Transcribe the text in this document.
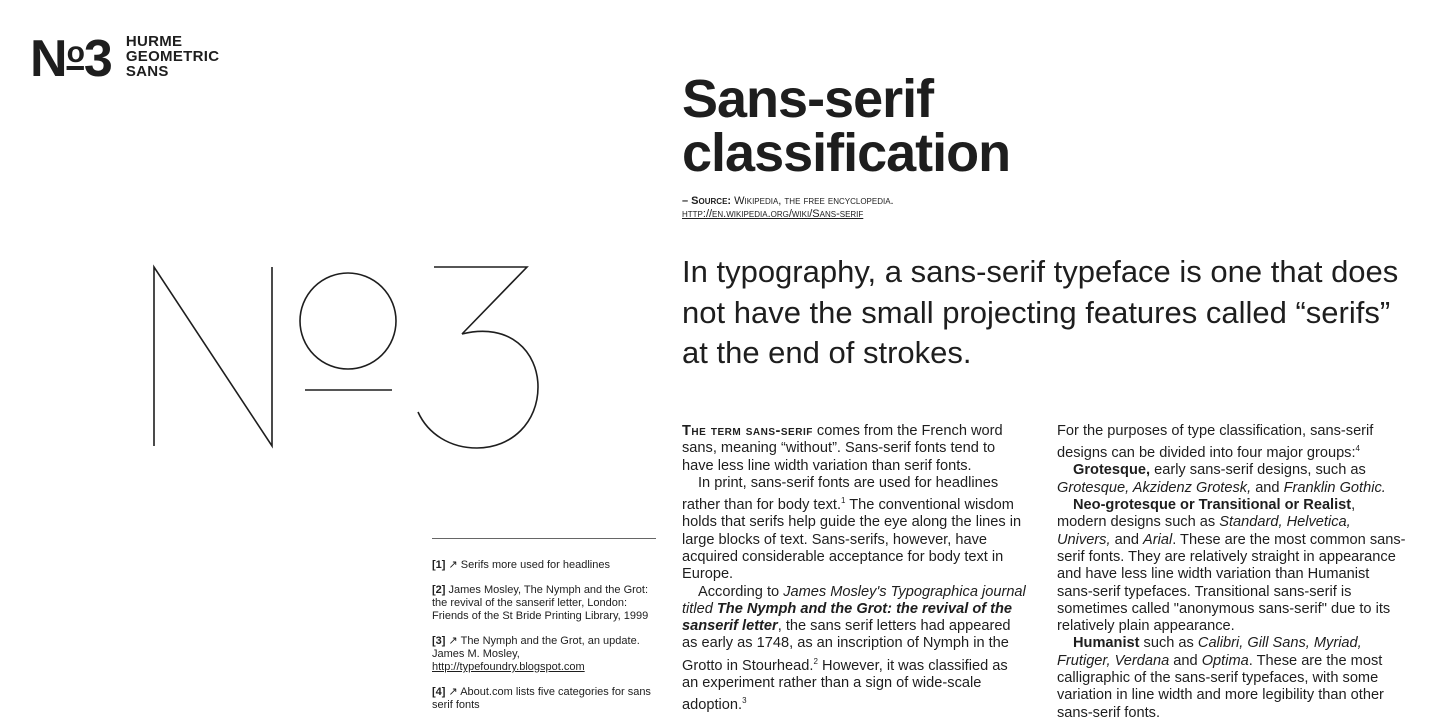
$N^o3$ HURME
GEOMETRIC
SANS	Sans-serif
classification
– Source: Wikipedia, the free encyclopedia.
http://en.wikipedia.org/wiki/Sans-serif

In typography, a sans-serif typeface is one that does not have the small projecting features called “serifs” at the end of strokes.

The term sans-serif comes from the French word sans, meaning “without”. Sans-serif fonts tend to have less line width variation than serif fonts.

In print, sans-serif fonts are used for headlines rather than for body text.$^1$ The conventional wisdom holds that serifs help guide the eye along the lines in large blocks of text. Sans-serifs, however, have acquired considerable acceptance for body text in Europe.

According to James Mosley's Typographica journal titled The Nymph and the Grot: the revival of the sanserif letter, the sans serif letters had appeared as early as 1748, as an inscription of Nymph in the Grotto in Stourhead.$^2$ However, it was classified as an experiment rather than a sign of wide-scale adoption.$^3$

For the purposes of type classification, sans-serif designs can be divided into four major groups:$^4$

Grotesque, early sans-serif designs, such as Grotesque, Akzidenz Grotesk, and Franklin Gothic.

Neo-grotesque or Transitional or Realist, modern designs such as Standard, Helvetica, Univers, and Arial. These are the most common sans-serif fonts. They are relatively straight in appearance and have less line width variation than Humanist sans-serif typefaces. Transitional sans-serif is sometimes called "anonymous sans-serif" due to its relatively plain appearance.

Humanist such as Calibri, Gill Sans, Myriad, Frutiger, Verdana and Optima. These are the most calligraphic of the sans-serif typefaces, with some variation in line width and more legibility than other sans-serif fonts.

[1] ↗ Serifs more used for headlines

[2] James Mosley, The Nymph and the Grot: the revival of the sanserif letter, London: Friends of the St Bride Printing Library, 1999

[3] ↗ The Nymph and the Grot, an update. James M. Mosley,
http://typefoundry.blogspot.com

[4] ↗ About.com lists five categories for sans serif fonts
